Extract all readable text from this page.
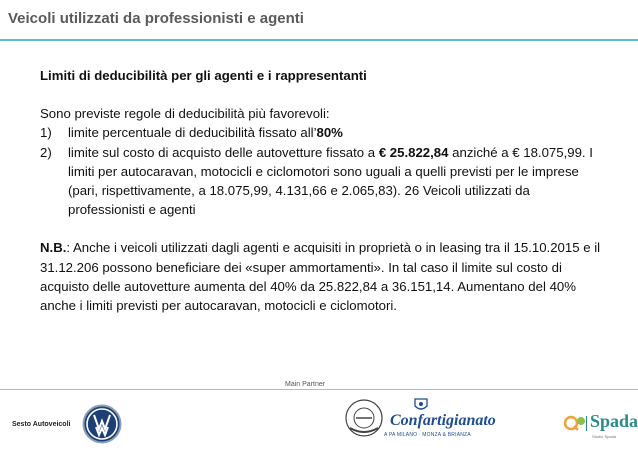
Veicoli utilizzati da professionisti e agenti
Limiti di deducibilità per gli agenti e i rappresentanti

Sono previste regole di deducibilità più favorevoli:

1) limite percentuale di deducibilità fissato all’80%
2) limite sul costo di acquisto delle autovetture fissato a € 25.822,84 anziché a € 18.075,99. I limiti per autocaravan, motocicli e ciclomotori sono uguali a quelli previsti per le imprese (pari, rispettivamente, a 18.075,99, 4.131,66 e 2.065,83). 26 Veicoli utilizzati da professionisti e agenti

N.B.: Anche i veicoli utilizzati dagli agenti e acquisiti in proprietà o in leasing tra il 15.10.2015 e il 31.12.206 possono beneficiare dei «super ammortamenti». In tal caso il limite sul costo di acquisto delle autovetture aumenta del 40% da 25.822,84 a 36.151,14. Aumentano del 40% anche i limiti previsti per autocaravan, motocicli e ciclomotori.

Main Partner
Sesto Autoveicoli	Confartigianato
A PA MILANO · MONZA & BRIANZA
Spada
Studio Spada
